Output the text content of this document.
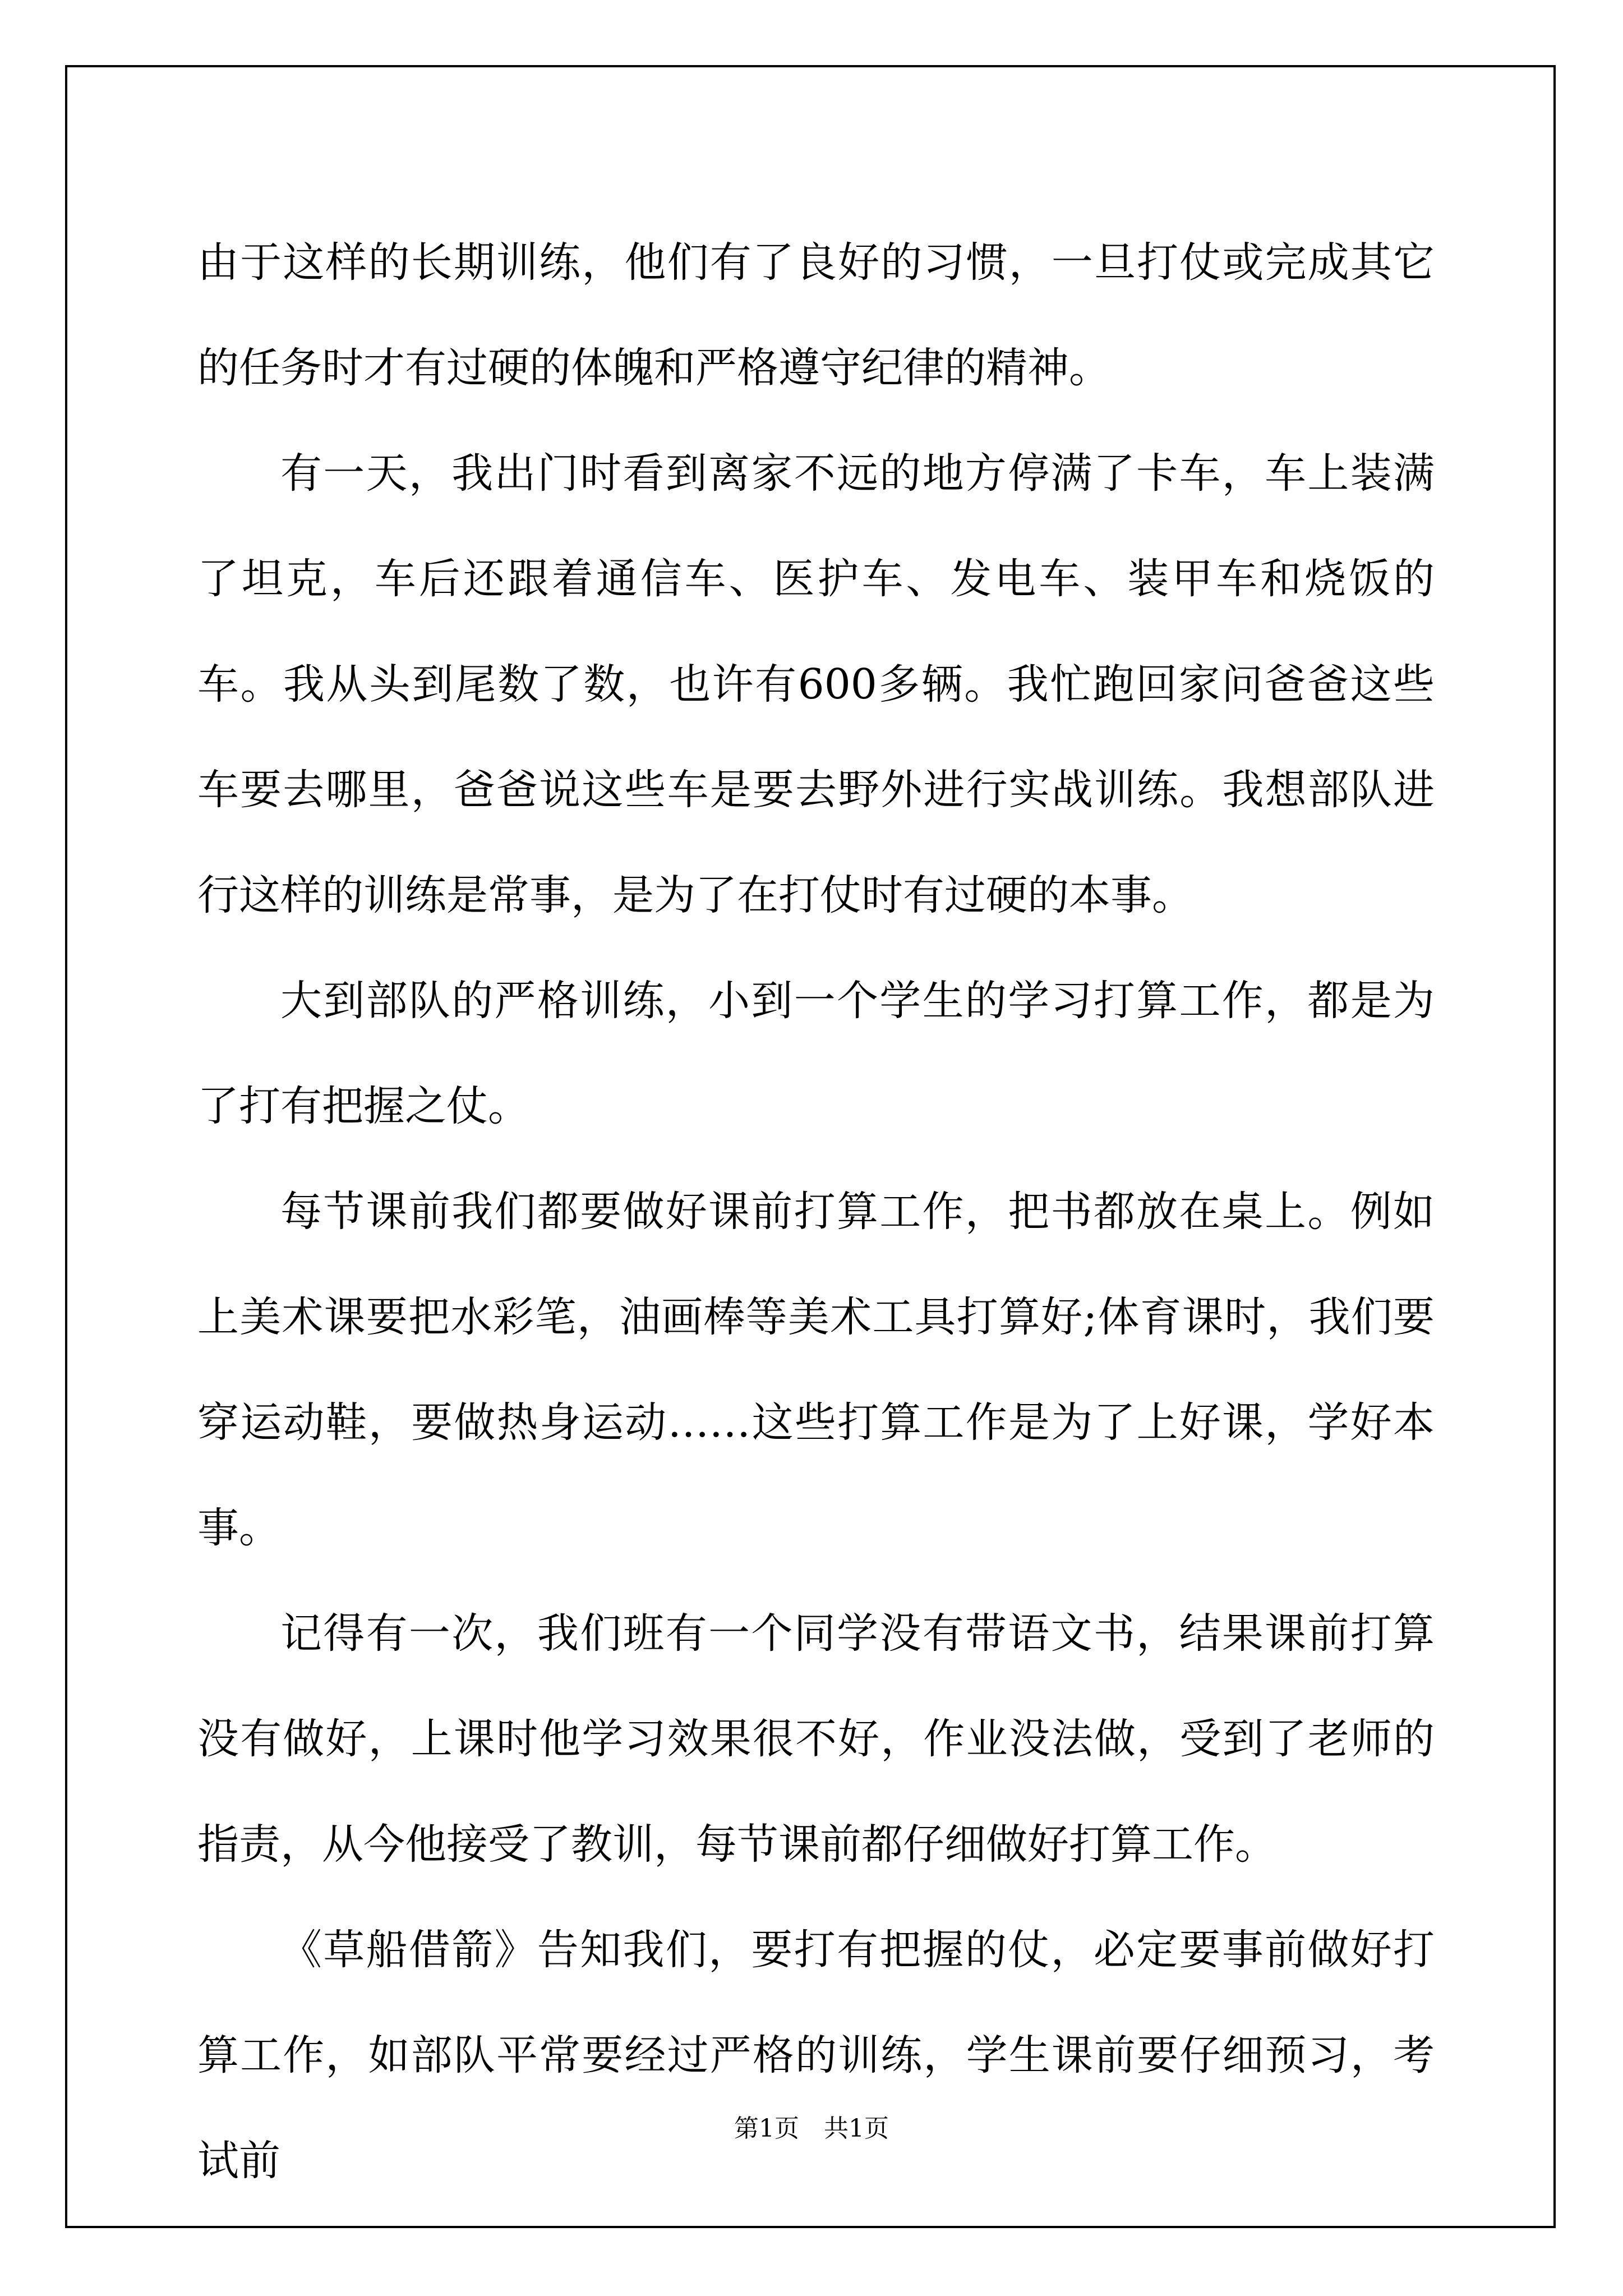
由于这样的长期训练，他们有了良好的习惯，一旦打仗或完成其它的任务时才有过硬的体魄和严格遵守纪律的精神。

有一天，我出门时看到离家不远的地方停满了卡车，车上装满了坦克，车后还跟着通信车、医护车、发电车、装甲车和烧饭的车。我从头到尾数了数，也许有600多辆。我忙跑回家问爸爸这些车要去哪里，爸爸说这些车是要去野外进行实战训练。我想部队进行这样的训练是常事，是为了在打仗时有过硬的本事。

大到部队的严格训练，小到一个学生的学习打算工作，都是为了打有把握之仗。

每节课前我们都要做好课前打算工作，把书都放在桌上。例如上美术课要把水彩笔，油画棒等美术工具打算好;体育课时，我们要穿运动鞋，要做热身运动……这些打算工作是为了上好课，学好本事。

记得有一次，我们班有一个同学没有带语文书，结果课前打算没有做好，上课时他学习效果很不好，作业没法做，受到了老师的指责，从今他接受了教训，每节课前都仔细做好打算工作。

《草船借箭》告知我们，要打有把握的仗，必定要事前做好打算工作，如部队平常要经过严格的训练，学生课前要仔细预习，考试前

第1页　共1页
